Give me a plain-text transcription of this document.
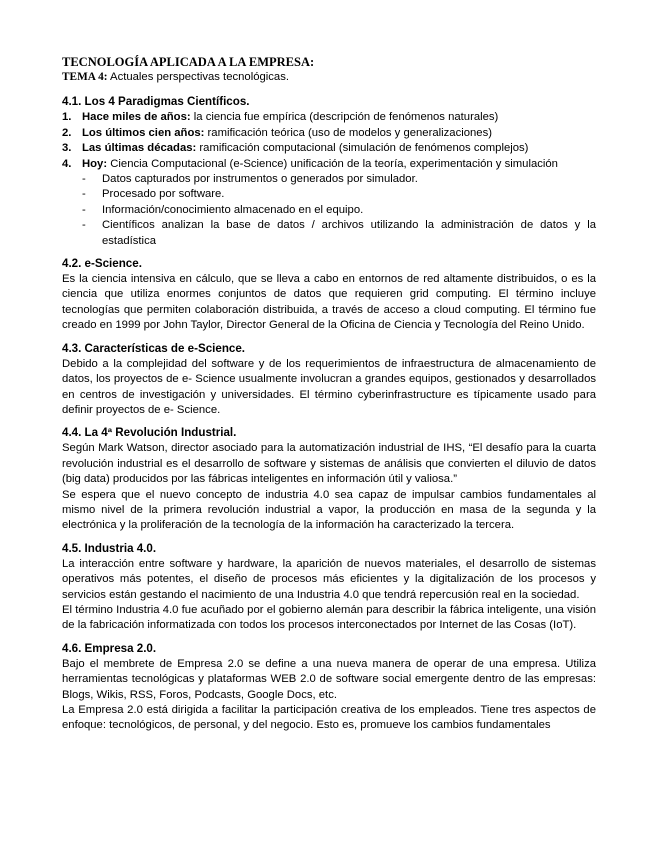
TECNOLOGÍA APLICADA A LA EMPRESA:
TEMA 4: Actuales perspectivas tecnológicas.
4.1. Los 4 Paradigmas Científicos.
1. Hace miles de años: la ciencia fue empírica (descripción de fenómenos naturales)
2. Los últimos cien años: ramificación teórica (uso de modelos y generalizaciones)
3. Las últimas décadas: ramificación computacional (simulación de fenómenos complejos)
4. Hoy: Ciencia Computacional (e-Science) unificación de la teoría, experimentación y simulación
- Datos capturados por instrumentos o generados por simulador.
- Procesado por software.
- Información/conocimiento almacenado en el equipo.
- Científicos analizan la base de datos / archivos utilizando la administración de datos y la estadística
4.2. e-Science.

Es la ciencia intensiva en cálculo, que se lleva a cabo en entornos de red altamente distribuidos, o es la ciencia que utiliza enormes conjuntos de datos que requieren grid computing. El término incluye tecnologías que permiten colaboración distribuida, a través de acceso a cloud computing. El término fue creado en 1999 por John Taylor, Director General de la Oficina de Ciencia y Tecnología del Reino Unido.

4.3. Características de e-Science.

Debido a la complejidad del software y de los requerimientos de infraestructura de almacenamiento de datos, los proyectos de e- Science usualmente involucran a grandes equipos, gestionados y desarrollados en centros de investigación y universidades. El término cyberinfrastructure es típicamente usado para definir proyectos de e- Science.

4.4. La 4ª Revolución Industrial.

Según Mark Watson, director asociado para la automatización industrial de IHS, “El desafío para la cuarta revolución industrial es el desarrollo de software y sistemas de análisis que convierten el diluvio de datos (big data) producidos por las fábricas inteligentes en información útil y valiosa.”

Se espera que el nuevo concepto de industria 4.0 sea capaz de impulsar cambios fundamentales al mismo nivel de la primera revolución industrial a vapor, la producción en masa de la segunda y la electrónica y la proliferación de la tecnología de la información ha caracterizado la tercera.

4.5. Industria 4.0.

La interacción entre software y hardware, la aparición de nuevos materiales, el desarrollo de sistemas operativos más potentes, el diseño de procesos más eficientes y la digitalización de los procesos y servicios están gestando el nacimiento de una Industria 4.0 que tendrá repercusión real en la sociedad.

El término Industria 4.0 fue acuñado por el gobierno alemán para describir la fábrica inteligente, una visión de la fabricación informatizada con todos los procesos interconectados por Internet de las Cosas (IoT).

4.6. Empresa 2.0.

Bajo el membrete de Empresa 2.0 se define a una nueva manera de operar de una empresa. Utiliza herramientas tecnológicas y plataformas WEB 2.0 de software social emergente dentro de las empresas: Blogs, Wikis, RSS, Foros, Podcasts, Google Docs, etc.

La Empresa 2.0 está dirigida a facilitar la participación creativa de los empleados. Tiene tres aspectos de enfoque: tecnológicos, de personal, y del negocio. Esto es, promueve los cambios fundamentales
